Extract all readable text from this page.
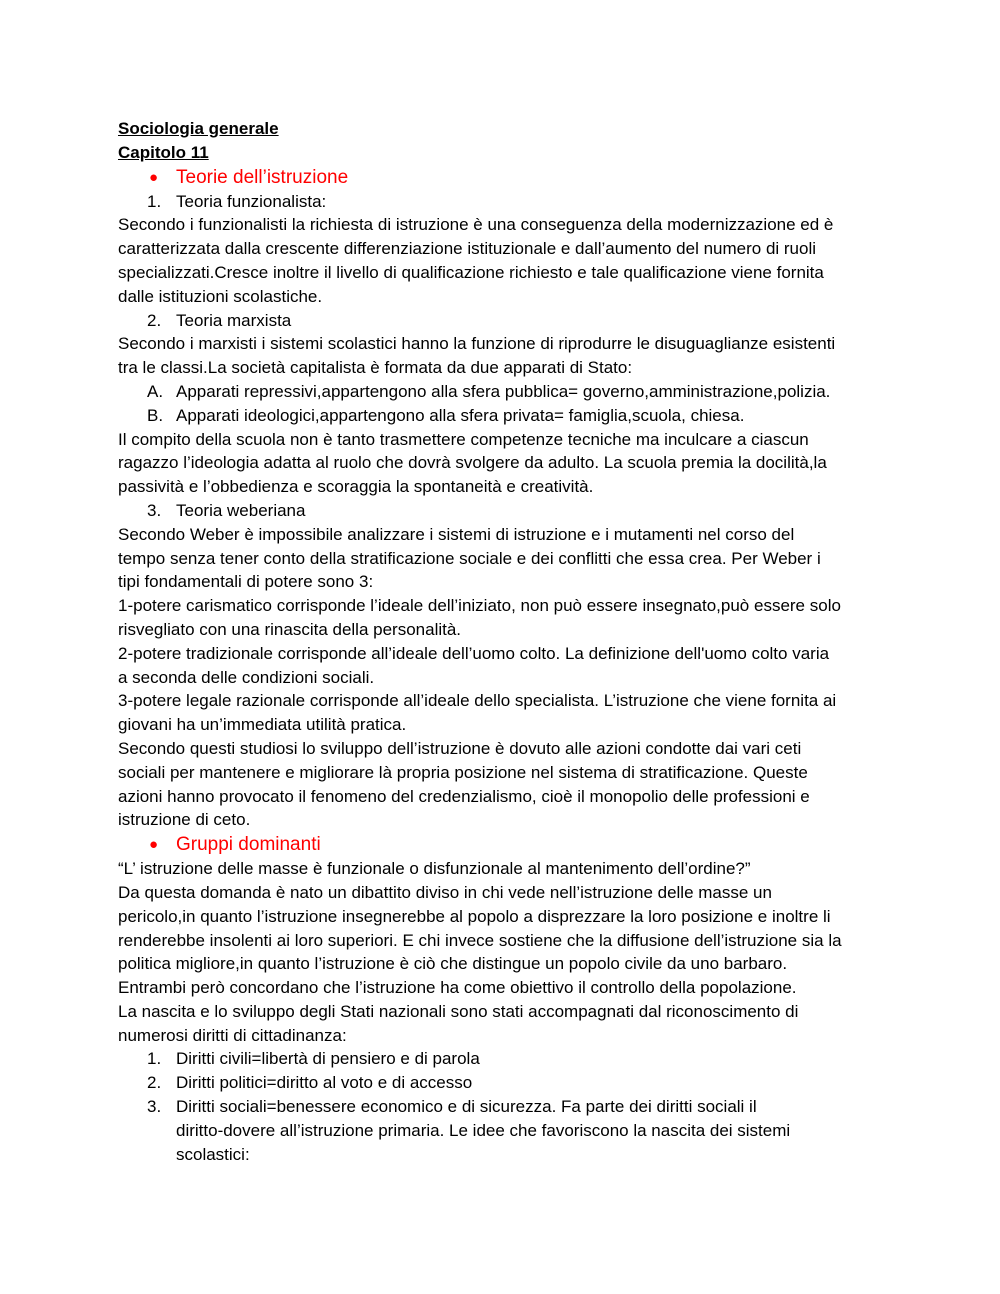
Sociologia generale
Capitolo 11
● Teorie dell’istruzione
1. Teoria funzionalista:
Secondo i funzionalisti la richiesta di istruzione è una conseguenza della modernizzazione ed è
caratterizzata dalla crescente differenziazione istituzionale e dall’aumento del numero di ruoli
specializzati.Cresce inoltre il livello di qualificazione richiesto e tale qualificazione viene fornita
dalle istituzioni scolastiche.
2. Teoria marxista
Secondo i marxisti i sistemi scolastici hanno la funzione di riprodurre le disuguaglianze esistenti
tra le classi.La società capitalista è formata da due apparati di Stato:
A. Apparati repressivi,appartengono alla sfera pubblica= governo,amministrazione,polizia.
B. Apparati ideologici,appartengono alla sfera privata= famiglia,scuola, chiesa.
Il compito della scuola non è tanto trasmettere competenze tecniche ma inculcare a ciascun
ragazzo l’ideologia adatta al ruolo che dovrà svolgere da adulto. La scuola premia la docilità,la
passività e l’obbedienza e scoraggia la spontaneità e creatività.
3. Teoria weberiana
Secondo Weber è impossibile analizzare i sistemi di istruzione e i mutamenti nel corso del
tempo senza tener conto della stratificazione sociale e dei conflitti che essa crea. Per Weber i
tipi fondamentali di potere sono 3:
1-potere carismatico corrisponde l’ideale dell’iniziato, non può essere insegnato,può essere solo
risvegliato con una rinascita della personalità.
2-potere tradizionale corrisponde all’ideale dell’uomo colto. La definizione dell'uomo colto varia
a seconda delle condizioni sociali.
3-potere legale razionale corrisponde all’ideale dello specialista. L’istruzione che viene fornita ai
giovani ha un’immediata utilità pratica.
Secondo questi studiosi lo sviluppo dell’istruzione è dovuto alle azioni condotte dai vari ceti
sociali per mantenere e migliorare là propria posizione nel sistema di stratificazione. Queste
azioni hanno provocato il fenomeno del credenzialismo, cioè il monopolio delle professioni e
istruzione di ceto.
● Gruppi dominanti
“L’ istruzione delle masse è funzionale o disfunzionale al mantenimento dell’ordine?”
Da questa domanda è nato un dibattito diviso in chi vede nell’istruzione delle masse un
pericolo,in quanto l’istruzione insegnerebbe al popolo a disprezzare la loro posizione e inoltre li
renderebbe insolenti ai loro superiori. E chi invece sostiene che la diffusione dell’istruzione sia la
politica migliore,in quanto l’istruzione è ciò che distingue un popolo civile da uno barbaro.
Entrambi però concordano che l’istruzione ha come obiettivo il controllo della popolazione.
La nascita e lo sviluppo degli Stati nazionali sono stati accompagnati dal riconoscimento di
numerosi diritti di cittadinanza:
1. Diritti civili=libertà di pensiero e di parola
2. Diritti politici=diritto al voto e di accesso
3. Diritti sociali=benessere economico e di sicurezza. Fa parte dei diritti sociali il
diritto-dovere all’istruzione primaria. Le idee che favoriscono la nascita dei sistemi
scolastici:
